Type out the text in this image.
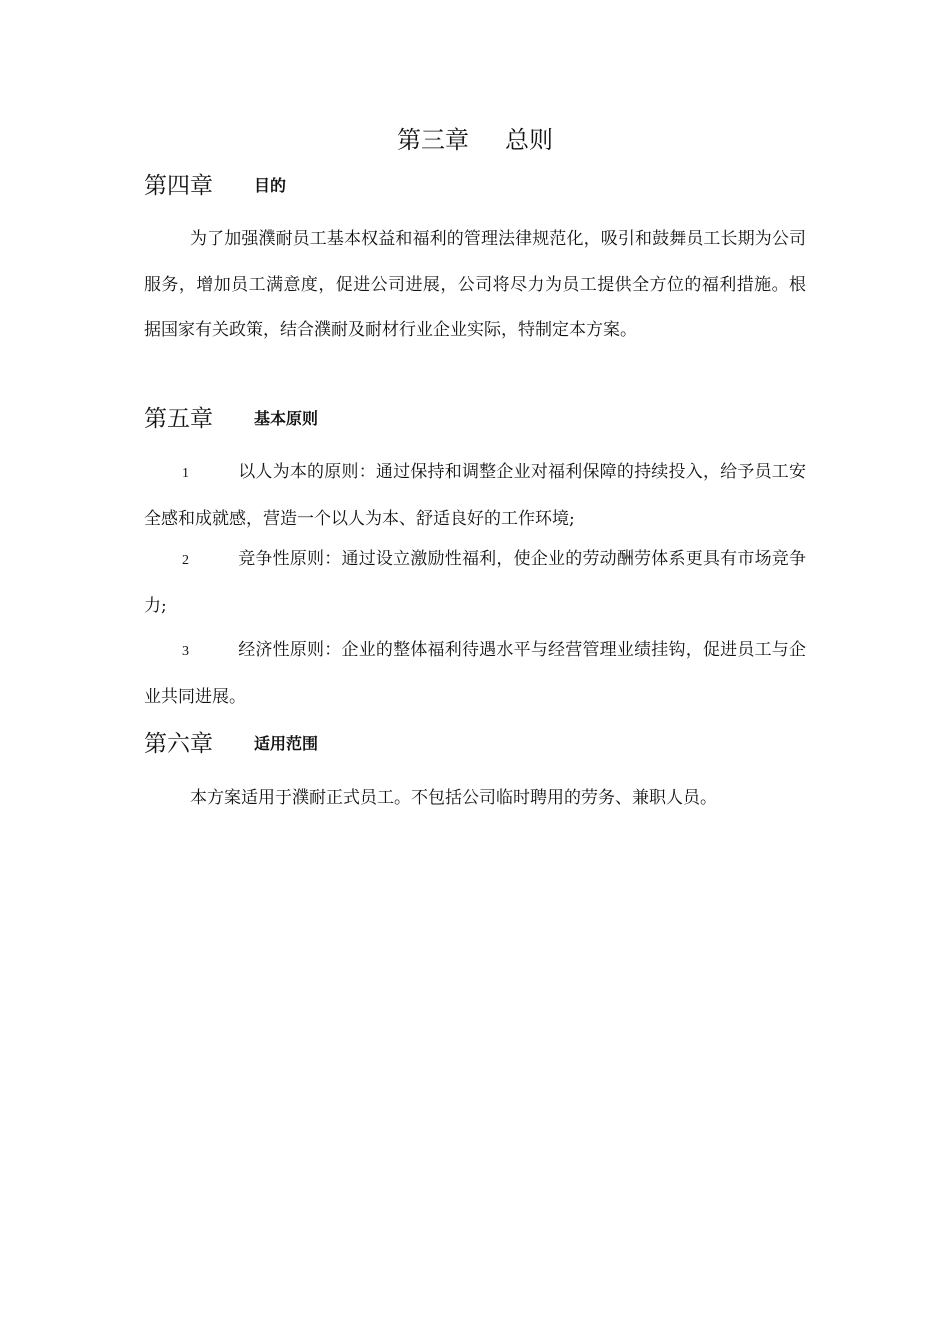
第三章 总则
第四章	目的

为了加强濮耐员工基本权益和福利的管理法律规范化，吸引和鼓舞员工长期为公司服务，增加员工满意度，促进公司进展，公司将尽力为员工提供全方位的福利措施。根据国家有关政策，结合濮耐及耐材行业企业实际，特制定本方案。

第五章	基本原则

1	以人为本的原则：通过保持和调整企业对福利保障的持续投入，给予员工安全感和成就感，营造一个以人为本、舒适良好的工作环境;

2	竞争性原则：通过设立激励性福利，使企业的劳动酬劳体系更具有市场竞争力;

3	经济性原则：企业的整体福利待遇水平与经营管理业绩挂钩，促进员工与企业共同进展。

第六章	适用范围

本方案适用于濮耐正式员工。不包括公司临时聘用的劳务、兼职人员。
